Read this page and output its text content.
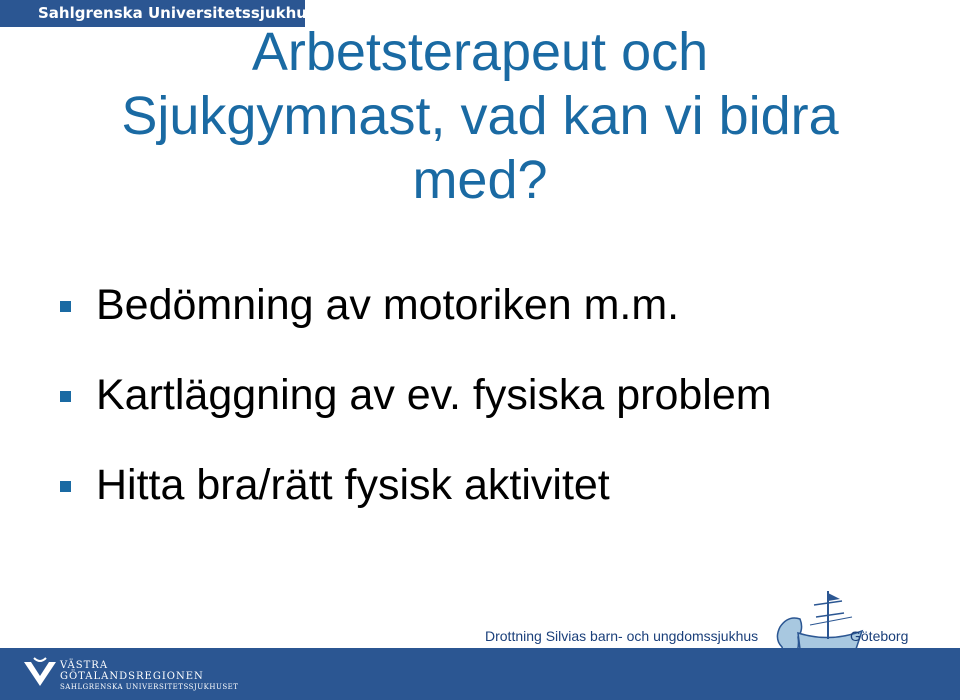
Sahlgrenska Universitetssjukhuset
Arbetsterapeut och
Sjukgymnast, vad kan vi bidra
med?
Bedömning av motoriken m.m.
Kartläggning av ev. fysiska problem
Hitta bra/rätt fysisk aktivitet
Drottning Silvias barn- och ungdomssjukhus	Göteborg
VÄSTRA
GÖTALANDSREGIONEN
SAHLGRENSKA UNIVERSITETSSJUKHUSET
